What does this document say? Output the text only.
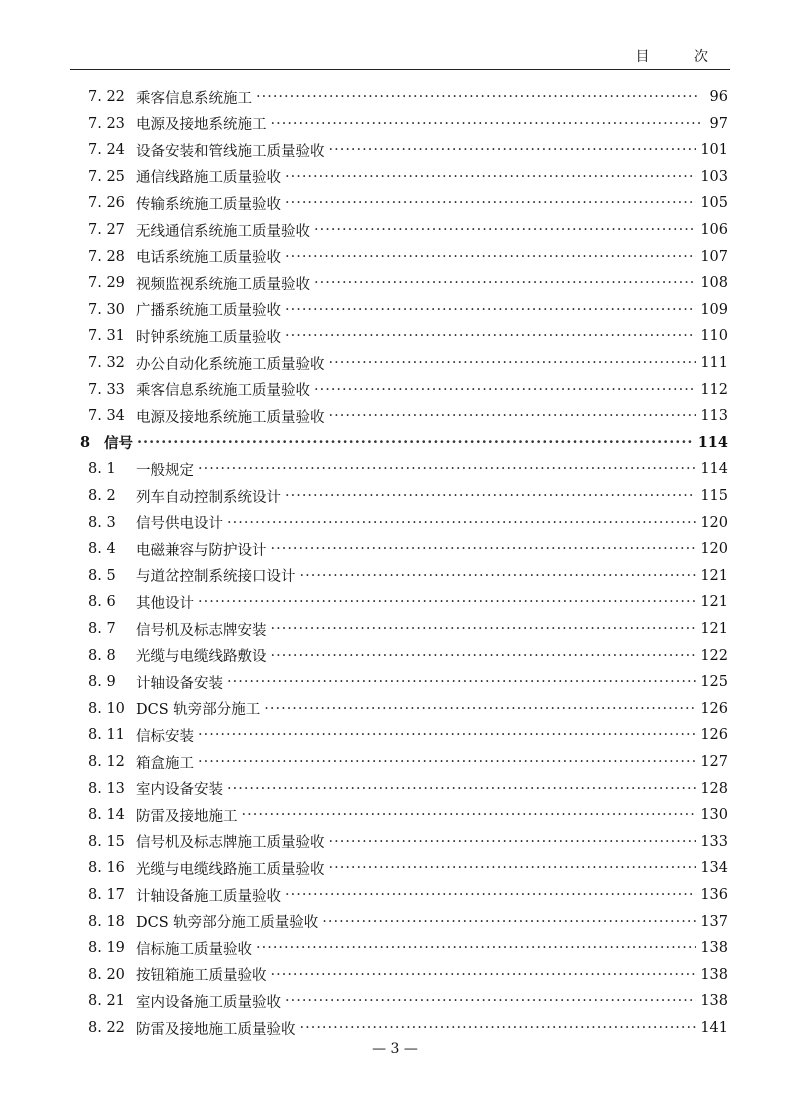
目 次
7. 22 乘客信息系统施工 ·····	96
7. 23 电源及接地系统施工 ·····	97
7. 24 设备安装和管线施工质量验收 ·····	101
7. 25 通信线路施工质量验收 ·····	103
7. 26 传输系统施工质量验收 ·····	105
7. 27 无线通信系统施工质量验收 ·····	106
7. 28 电话系统施工质量验收 ·····	107
7. 29 视频监视系统施工质量验收 ·····	108
7. 30 广播系统施工质量验收 ·····	109
7. 31 时钟系统施工质量验收 ·····	110
7. 32 办公自动化系统施工质量验收 ·····	111
7. 33 乘客信息系统施工质量验收 ·····	112
7. 34 电源及接地系统施工质量验收 ·····	113
8 信号 ·····	114
8. 1	一般规定 ·····	114
8. 2	列车自动控制系统设计 ·····	115
8. 3	信号供电设计 ·····	120
8. 4	电磁兼容与防护设计 ·····	120
8. 5	与道岔控制系统接口设计 ·····	121
8. 6	其他设计 ·····	121
8. 7	信号机及标志牌安装 ·····	121
8. 8	光缆与电缆线路敷设 ·····	122
8. 9	计轴设备安装 ·····	125
8. 10 DCS 轨旁部分施工 ·····	126
8. 11 信标安装 ·····	126
8. 12 箱盒施工 ·····	127
8. 13 室内设备安装 ·····	128
8. 14 防雷及接地施工 ·····	130
8. 15 信号机及标志牌施工质量验收 ·····	133
8. 16 光缆与电缆线路施工质量验收 ·····	134
8. 17 计轴设备施工质量验收 ·····	136
8. 18 DCS 轨旁部分施工质量验收 ·····	137
8. 19 信标施工质量验收 ·····	138
8. 20 按钮箱施工质量验收 ·····	138
8. 21 室内设备施工质量验收 ·····	138
8. 22 防雷及接地施工质量验收 ·····	141
— 3 —
